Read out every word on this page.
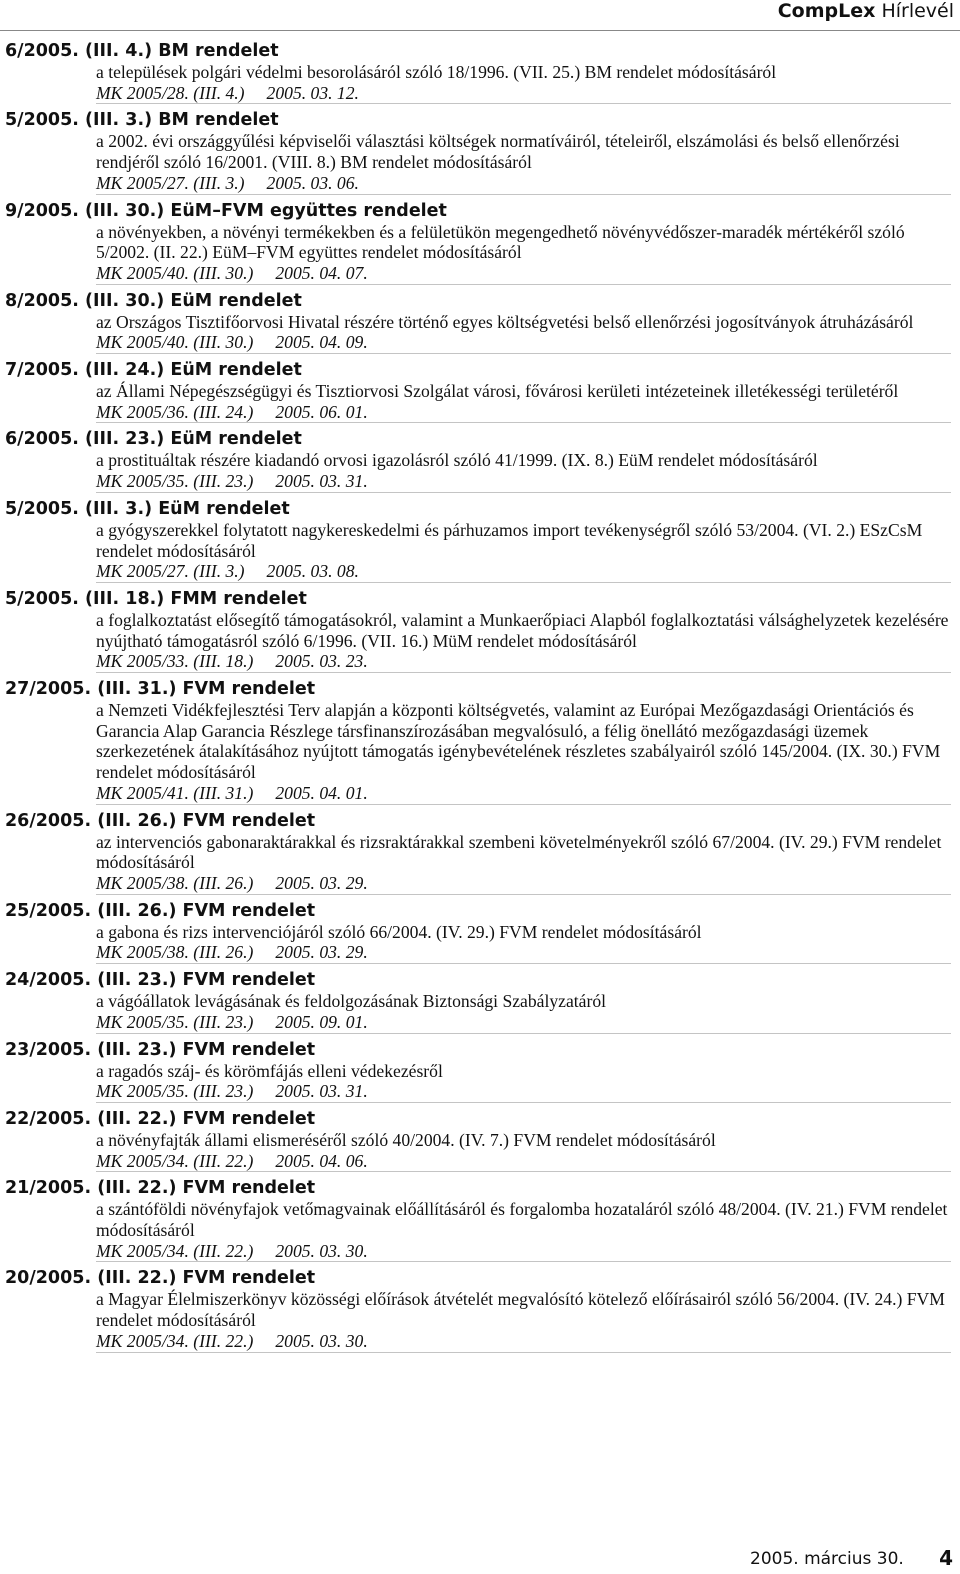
CompLex Hírlevél
6/2005. (III. 4.) BM rendelet
a települések polgári védelmi besorolásáról szóló 18/1996. (VII. 25.) BM rendelet módosításáról
MK 2005/28. (III. 4.) 2005. 03. 12.
5/2005. (III. 3.) BM rendelet
a 2002. évi országgyűlési képviselői választási költségek normatíváiról, tételeiről, elszámolási és belső ellenőrzési rendjéről szóló 16/2001. (VIII. 8.) BM rendelet módosításáról
MK 2005/27. (III. 3.) 2005. 03. 06.
9/2005. (III. 30.) EüM–FVM együttes rendelet
a növényekben, a növényi termékekben és a felületükön megengedhető növényvédőszer-maradék mértékéről szóló 5/2002. (II. 22.) EüM–FVM együttes rendelet módosításáról
MK 2005/40. (III. 30.) 2005. 04. 07.
8/2005. (III. 30.) EüM rendelet
az Országos Tisztifőorvosi Hivatal részére történő egyes költségvetési belső ellenőrzési jogosítványok átruházásáról
MK 2005/40. (III. 30.) 2005. 04. 09.
7/2005. (III. 24.) EüM rendelet
az Állami Népegészségügyi és Tisztiorvosi Szolgálat városi, fővárosi kerületi intézeteinek illetékességi területéről
MK 2005/36. (III. 24.) 2005. 06. 01.
6/2005. (III. 23.) EüM rendelet
a prostituáltak részére kiadandó orvosi igazolásról szóló 41/1999. (IX. 8.) EüM rendelet módosításáról
MK 2005/35. (III. 23.) 2005. 03. 31.
5/2005. (III. 3.) EüM rendelet
a gyógyszerekkel folytatott nagykereskedelmi és párhuzamos import tevékenységről szóló 53/2004. (VI. 2.) ESzCsM rendelet módosításáról
MK 2005/27. (III. 3.) 2005. 03. 08.
5/2005. (III. 18.) FMM rendelet
a foglalkoztatást elősegítő támogatásokról, valamint a Munkaerőpiaci Alapból foglalkoztatási válsághelyzetek kezelésére nyújtható támogatásról szóló 6/1996. (VII. 16.) MüM rendelet módosításáról
MK 2005/33. (III. 18.) 2005. 03. 23.
27/2005. (III. 31.) FVM rendelet
a Nemzeti Vidékfejlesztési Terv alapján a központi költségvetés, valamint az Európai Mezőgazdasági Orientációs és Garancia Alap Garancia Részlege társfinanszírozásában megvalósuló, a félig önellátó mezőgazdasági üzemek szerkezetének átalakításához nyújtott támogatás igénybevételének részletes szabályairól szóló 145/2004. (IX. 30.) FVM rendelet módosításáról
MK 2005/41. (III. 31.) 2005. 04. 01.
26/2005. (III. 26.) FVM rendelet
az intervenciós gabonaraktárakkal és rizsraktárakkal szembeni követelményekről szóló 67/2004. (IV. 29.) FVM rendelet módosításáról
MK 2005/38. (III. 26.) 2005. 03. 29.
25/2005. (III. 26.) FVM rendelet
a gabona és rizs intervenciójáról szóló 66/2004. (IV. 29.) FVM rendelet módosításáról
MK 2005/38. (III. 26.) 2005. 03. 29.
24/2005. (III. 23.) FVM rendelet
a vágóállatok levágásának és feldolgozásának Biztonsági Szabályzatáról
MK 2005/35. (III. 23.) 2005. 09. 01.
23/2005. (III. 23.) FVM rendelet
a ragadós száj- és körömfájás elleni védekezésről
MK 2005/35. (III. 23.) 2005. 03. 31.
22/2005. (III. 22.) FVM rendelet
a növényfajták állami elismeréséről szóló 40/2004. (IV. 7.) FVM rendelet módosításáról
MK 2005/34. (III. 22.) 2005. 04. 06.
21/2005. (III. 22.) FVM rendelet
a szántóföldi növényfajok vetőmagvainak előállításáról és forgalomba hozataláról szóló 48/2004. (IV. 21.) FVM rendelet módosításáról
MK 2005/34. (III. 22.) 2005. 03. 30.
20/2005. (III. 22.) FVM rendelet
a Magyar Élelmiszerkönyv közösségi előírások átvételét megvalósító kötelező előírásairól szóló 56/2004. (IV. 24.) FVM rendelet módosításáról
MK 2005/34. (III. 22.) 2005. 03. 30.
2005. március 30. 4
